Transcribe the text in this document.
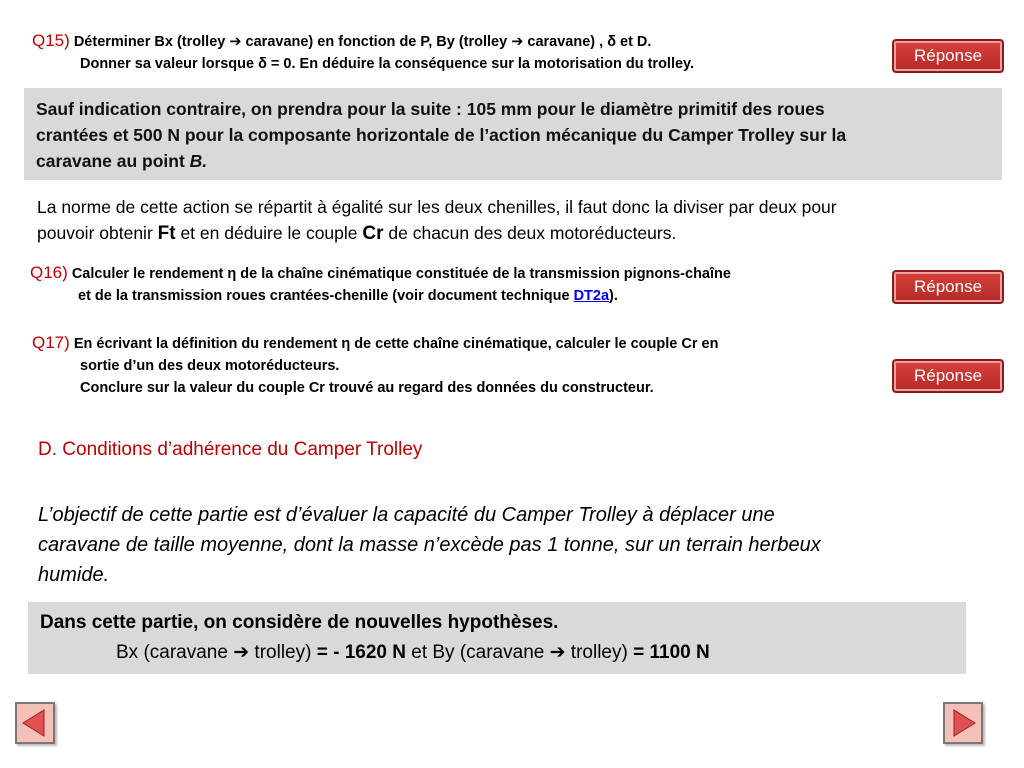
Q15) Déterminer Bx (trolley ➔ caravane) en fonction de P, By (trolley ➔ caravane) , δ et D.
Donner sa valeur lorsque δ = 0. En déduire la conséquence sur la motorisation du trolley.	Réponse
Sauf indication contraire, on prendra pour la suite : 105 mm pour le diamètre primitif des roues
crantées et 500 N pour la composante horizontale de l’action mécanique du Camper Trolley sur la
caravane au point B.
La norme de cette action se répartit à égalité sur les deux chenilles, il faut donc la diviser par deux pour
pouvoir obtenir Ft et en déduire le couple Cr de chacun des deux motoréducteurs.
Q16) Calculer le rendement η de la chaîne cinématique constituée de la transmission pignons-chaîne
et de la transmission roues crantées-chenille (voir document technique DT2a).	Réponse
Q17) En écrivant la définition du rendement η de cette chaîne cinématique, calculer le couple Cr en
sortie d’un des deux motoréducteurs.
Conclure sur la valeur du couple Cr trouvé au regard des données du constructeur.
Réponse
D. Conditions d’adhérence du Camper Trolley
L’objectif de cette partie est d’évaluer la capacité du Camper Trolley à déplacer une
caravane de taille moyenne, dont la masse n’excède pas 1 tonne, sur un terrain herbeux
humide.
Dans cette partie, on considère de nouvelles hypothèses.
Bx (caravane ➔ trolley) = - 1620 N et By (caravane ➔ trolley) = 1100 N
